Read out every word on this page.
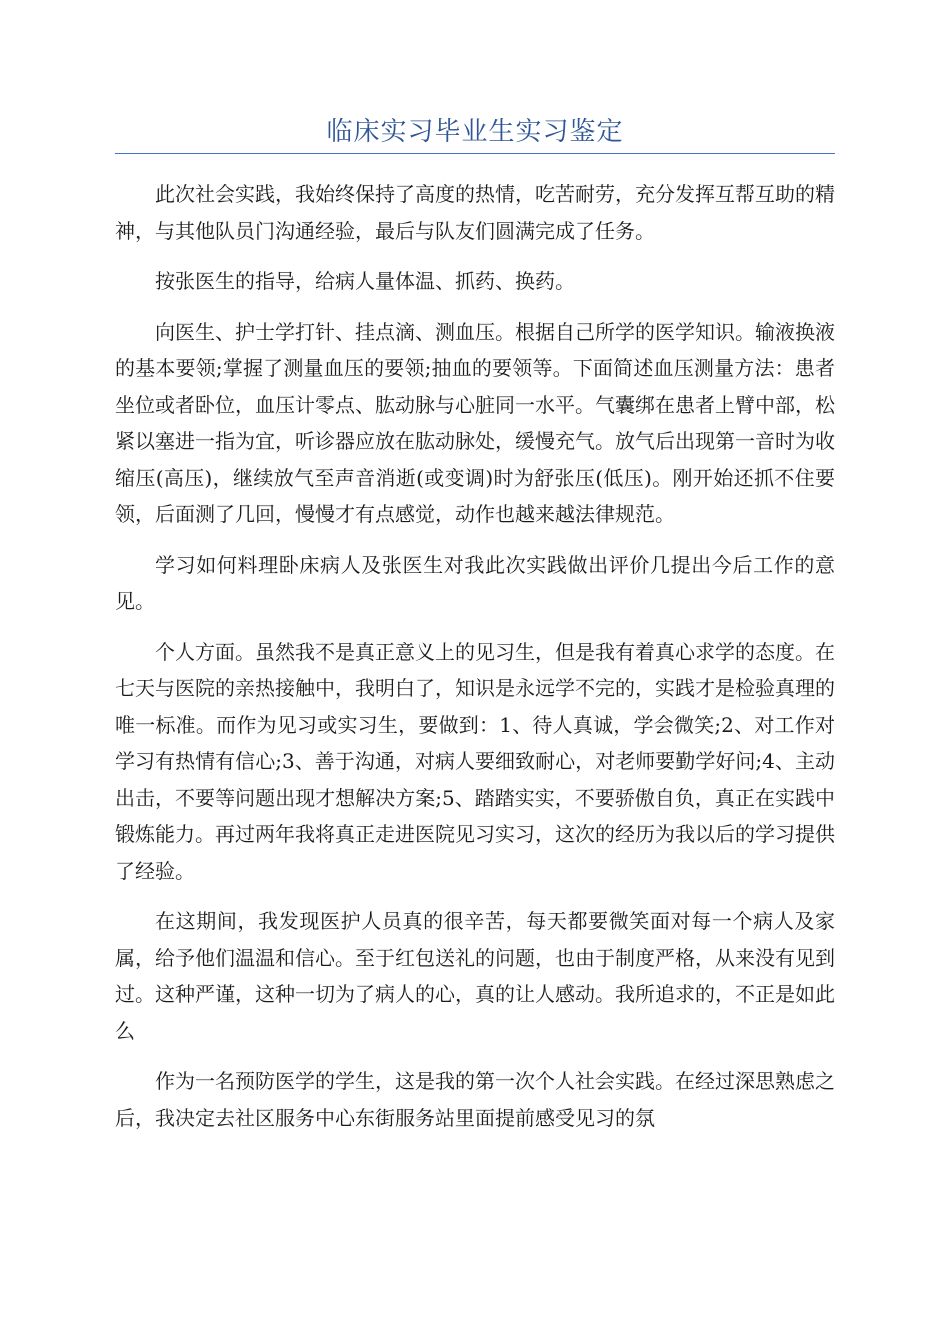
临床实习毕业生实习鉴定

此次社会实践，我始终保持了高度的热情，吃苦耐劳，充分发挥互帮互助的精神，与其他队员门沟通经验，最后与队友们圆满完成了任务。

按张医生的指导，给病人量体温、抓药、换药。

向医生、护士学打针、挂点滴、测血压。根据自己所学的医学知识。输液换液的基本要领;掌握了测量血压的要领;抽血的要领等。下面简述血压测量方法：患者坐位或者卧位，血压计零点、肱动脉与心脏同一水平。气囊绑在患者上臂中部，松紧以塞进一指为宜，听诊器应放在肱动脉处，缓慢充气。放气后出现第一音时为收缩压(高压)，继续放气至声音消逝(或变调)时为舒张压(低压)。刚开始还抓不住要领，后面测了几回，慢慢才有点感觉，动作也越来越法律规范。

学习如何料理卧床病人及张医生对我此次实践做出评价几提出今后工作的意见。

个人方面。虽然我不是真正意义上的见习生，但是我有着真心求学的态度。在七天与医院的亲热接触中，我明白了，知识是永远学不完的，实践才是检验真理的唯一标准。而作为见习或实习生，要做到：1、待人真诚，学会微笑;2、对工作对学习有热情有信心;3、善于沟通，对病人要细致耐心，对老师要勤学好问;4、主动出击，不要等问题出现才想解决方案;5、踏踏实实，不要骄傲自负，真正在实践中锻炼能力。再过两年我将真正走进医院见习实习，这次的经历为我以后的学习提供了经验。

在这期间，我发现医护人员真的很辛苦，每天都要微笑面对每一个病人及家属，给予他们温温和信心。至于红包送礼的问题，也由于制度严格，从来没有见到过。这种严谨，这种一切为了病人的心，真的让人感动。我所追求的，不正是如此么

作为一名预防医学的学生，这是我的第一次个人社会实践。在经过深思熟虑之后，我决定去社区服务中心东街服务站里面提前感受见习的氛
